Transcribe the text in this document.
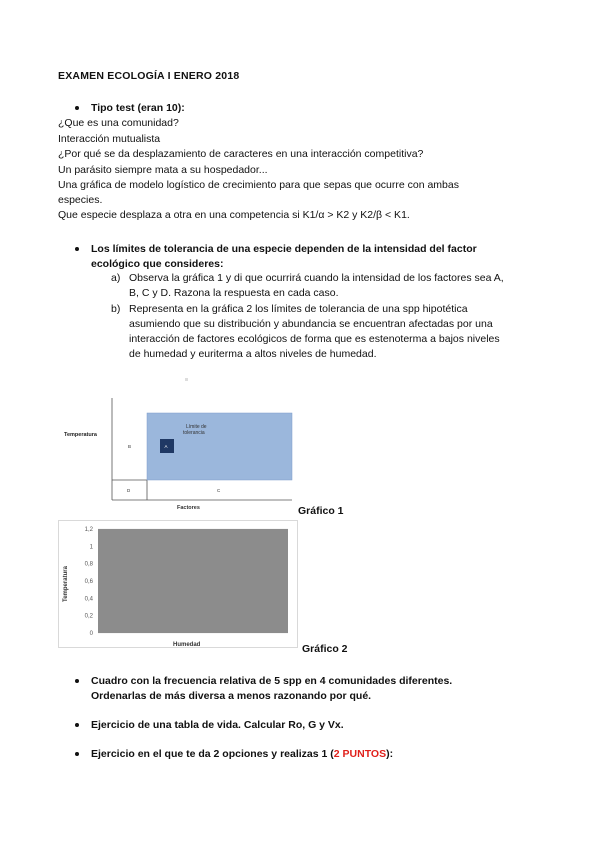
EXAMEN ECOLOGÍA I ENERO 2018
Tipo test (eran 10):
¿Que es una comunidad?
Interacción mutualista
¿Por qué se da desplazamiento de caracteres en una interacción competitiva?
Un parásito siempre mata a su hospedador...
Una gráfica de modelo logístico de crecimiento para que sepas que ocurre con ambas
especies.
Que especie desplaza a otra en una competencia si K1/α > K2 y K2/β < K1.
Los límites de tolerancia de una especie dependen de la intensidad del factor
ecológico que consideres:
a) Observa la gráfica 1 y di que ocurrirá cuando la intensidad de los factores sea A,
B, C y D. Razona la respuesta en cada caso.
b) Representa en la gráfica 2 los límites de tolerancia de una spp hipotética
asumiendo que su distribución y abundancia se encuentran afectadas por una
interacción de factores ecológicos de forma que es estenoterma a bajos niveles
de humedad y euriterma a altos niveles de humedad.
Temperatura
Límite de
tolerancia
A
B
C
D
Factores	Gráfico 1
0
0,2
0,4
0,6
0,8
1
1,2
Temperatura
Humedad	Gráfico 2
Cuadro con la frecuencia relativa de 5 spp en 4 comunidades diferentes.
Ordenarlas de más diversa a menos razonando por qué.
Ejercicio de una tabla de vida. Calcular Ro, G y Vx.
Ejercicio en el que te da 2 opciones y realizas 1 (2 PUNTOS):
